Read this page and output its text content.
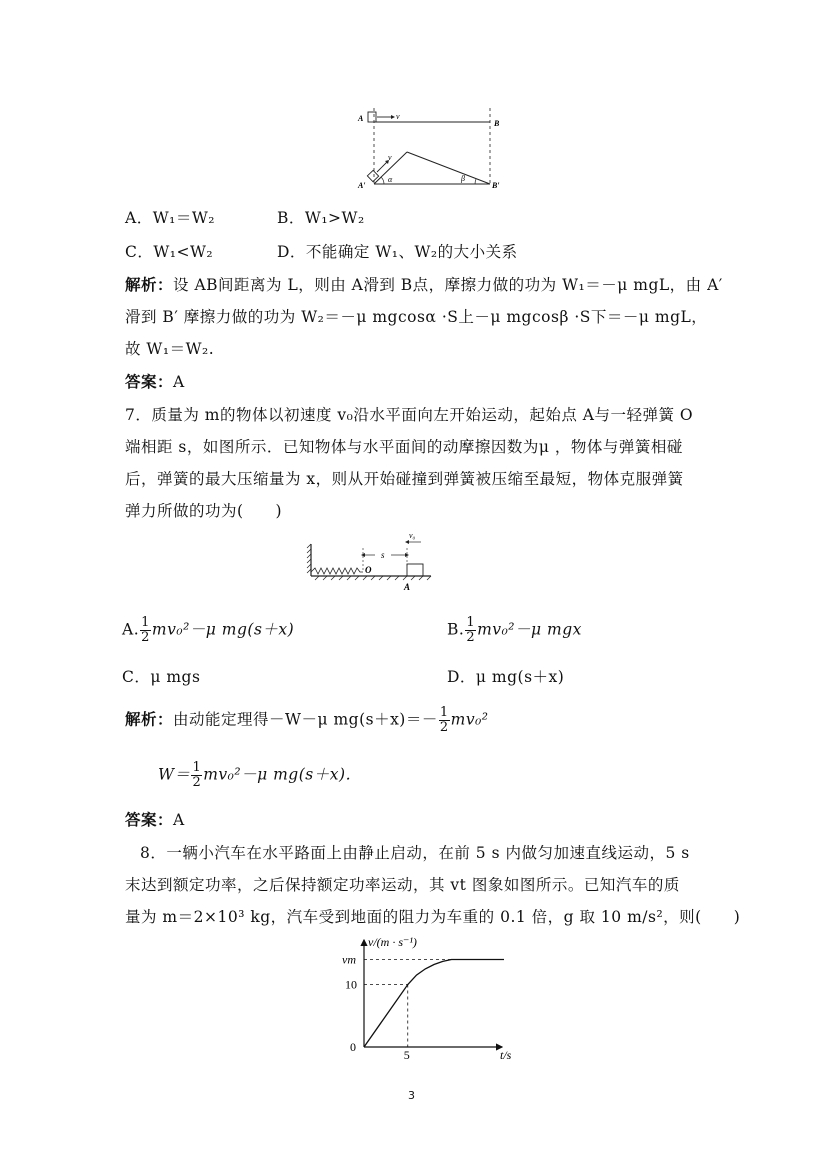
A	v
B
v
α	β
A′	B′
A．W₁＝W₂	B．W₁>W₂
C．W₁<W₂	D．不能确定 W₁、W₂的大小关系
解析：设 AB间距离为 L，则由 A滑到 B点，摩擦力做的功为 W₁＝－μ mgL，由 A′
滑到 B′ 摩擦力做的功为 W₂＝－μ mgcosα ·S上－μ mgcosβ ·S下＝－μ mgL，
故 W₁＝W₂.
答案：A
7．质量为 m的物体以初速度 v₀沿水平面向左开始运动，起始点 A与一轻弹簧 O
端相距 s，如图所示．已知物体与水平面间的动摩擦因数为μ ，物体与弹簧相碰
后，弹簧的最大压缩量为 x，则从开始碰撞到弹簧被压缩至最短，物体克服弹簧
弹力所做的功为(　　)
O
s
v₀
A
A. $\frac{1}{2} mv_0^2-\mu$ mg(s＋x)	B. $\frac{1}{2} mv_0^2-\mu$ mgx
C．μ mgs	D．μ mg(s＋x)
解析：由动能定理得－W－μ $mg(s+x)=- \frac{1}{2} mv_0^2$
$W= \frac{1}{2} mv_0^2-\mu$ mg(s＋x)．
答案：A
8．一辆小汽车在水平路面上由静止启动，在前 5 s 内做匀加速直线运动，5 s
末达到额定功率，之后保持额定功率运动，其 vt 图象如图所示。已知汽车的质
量为 m＝2×10³ kg，汽车受到地面的阻力为车重的 0.1 倍，g 取 10 m/s²，则(　　)
v/(m · s⁻¹)
t/s
0
5
10
vm
3
